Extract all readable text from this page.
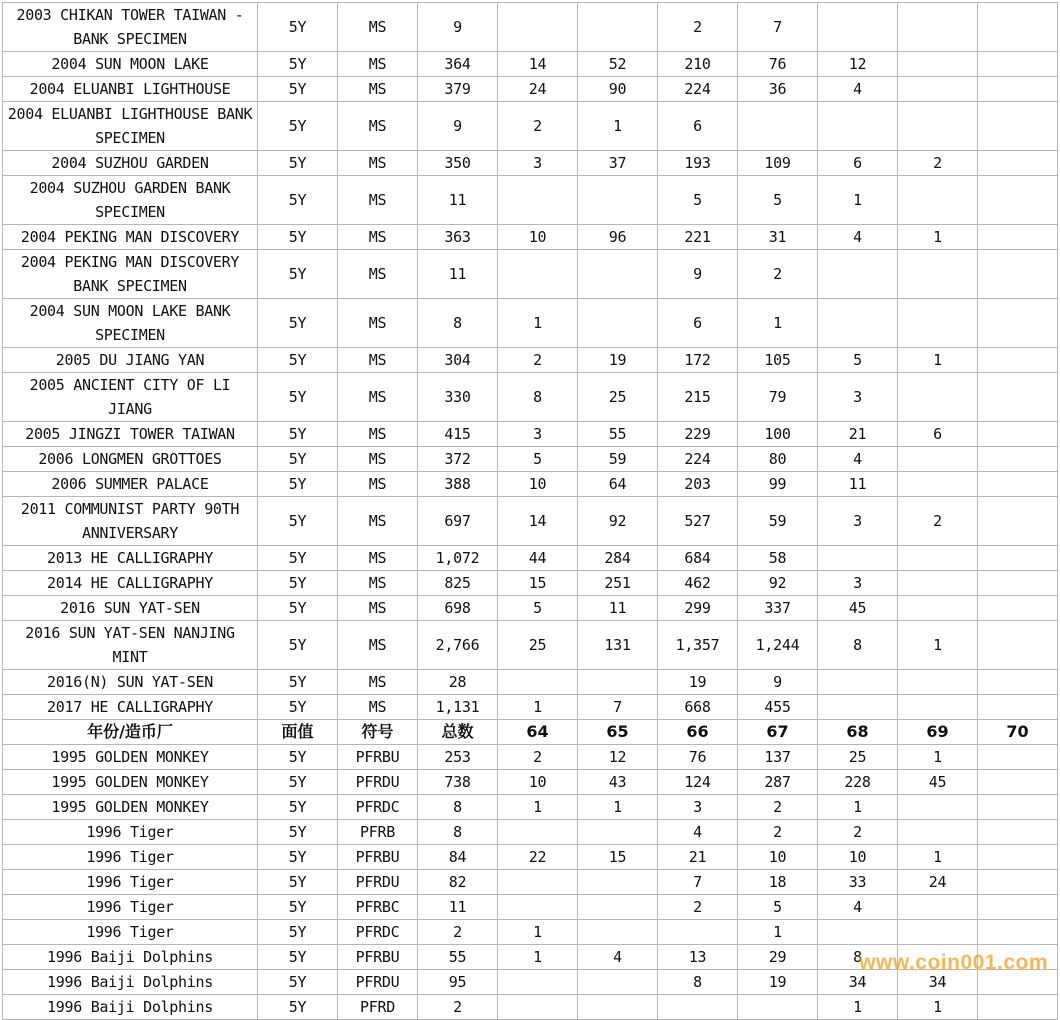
2003 CHIKAN TOWER TAIWAN - BANK SPECIMEN	5Y	MS	9			2	7			
2004 SUN MOON LAKE	5Y	MS	364	14	52	210	76	12		
2004 ELUANBI LIGHTHOUSE	5Y	MS	379	24	90	224	36	4		
2004 ELUANBI LIGHTHOUSE BANK SPECIMEN	5Y	MS	9	2	1	6				
2004 SUZHOU GARDEN	5Y	MS	350	3	37	193	109	6	2	
2004 SUZHOU GARDEN BANK SPECIMEN	5Y	MS	11			5	5	1		
2004 PEKING MAN DISCOVERY	5Y	MS	363	10	96	221	31	4	1	
2004 PEKING MAN DISCOVERY BANK SPECIMEN	5Y	MS	11			9	2			
2004 SUN MOON LAKE BANK SPECIMEN	5Y	MS	8	1		6	1			
2005 DU JIANG YAN	5Y	MS	304	2	19	172	105	5	1	
2005 ANCIENT CITY OF LI JIANG	5Y	MS	330	8	25	215	79	3		
2005 JINGZI TOWER TAIWAN	5Y	MS	415	3	55	229	100	21	6	
2006 LONGMEN GROTTOES	5Y	MS	372	5	59	224	80	4		
2006 SUMMER PALACE	5Y	MS	388	10	64	203	99	11		
2011 COMMUNIST PARTY 90TH ANNIVERSARY	5Y	MS	697	14	92	527	59	3	2	
2013 HE CALLIGRAPHY	5Y	MS	1,072	44	284	684	58			
2014 HE CALLIGRAPHY	5Y	MS	825	15	251	462	92	3		
2016 SUN YAT-SEN	5Y	MS	698	5	11	299	337	45		
2016 SUN YAT-SEN NANJING MINT	5Y	MS	2,766	25	131	1,357	1,244	8	1	
2016(N) SUN YAT-SEN	5Y	MS	28			19	9			
2017 HE CALLIGRAPHY	5Y	MS	1,131	1	7	668	455			
年份/造币厂	面值	符号	总数	64	65	66	67	68	69	70
1995 GOLDEN MONKEY	5Y	PFRBU	253	2	12	76	137	25	1	
1995 GOLDEN MONKEY	5Y	PFRDU	738	10	43	124	287	228	45	
1995 GOLDEN MONKEY	5Y	PFRDC	8	1	1	3	2	1		
1996 Tiger	5Y	PFRB	8			4	2	2		
1996 Tiger	5Y	PFRBU	84	22	15	21	10	10	1	
1996 Tiger	5Y	PFRDU	82			7	18	33	24	
1996 Tiger	5Y	PFRBC	11			2	5	4		
1996 Tiger	5Y	PFRDC	2	1			1			
1996 Baiji Dolphins	5Y	PFRBU	55	1	4	13	29	8		
1996 Baiji Dolphins	5Y	PFRDU	95			8	19	34	34	
1996 Baiji Dolphins	5Y	PFRD	2					1	1	
www.coin001.com
